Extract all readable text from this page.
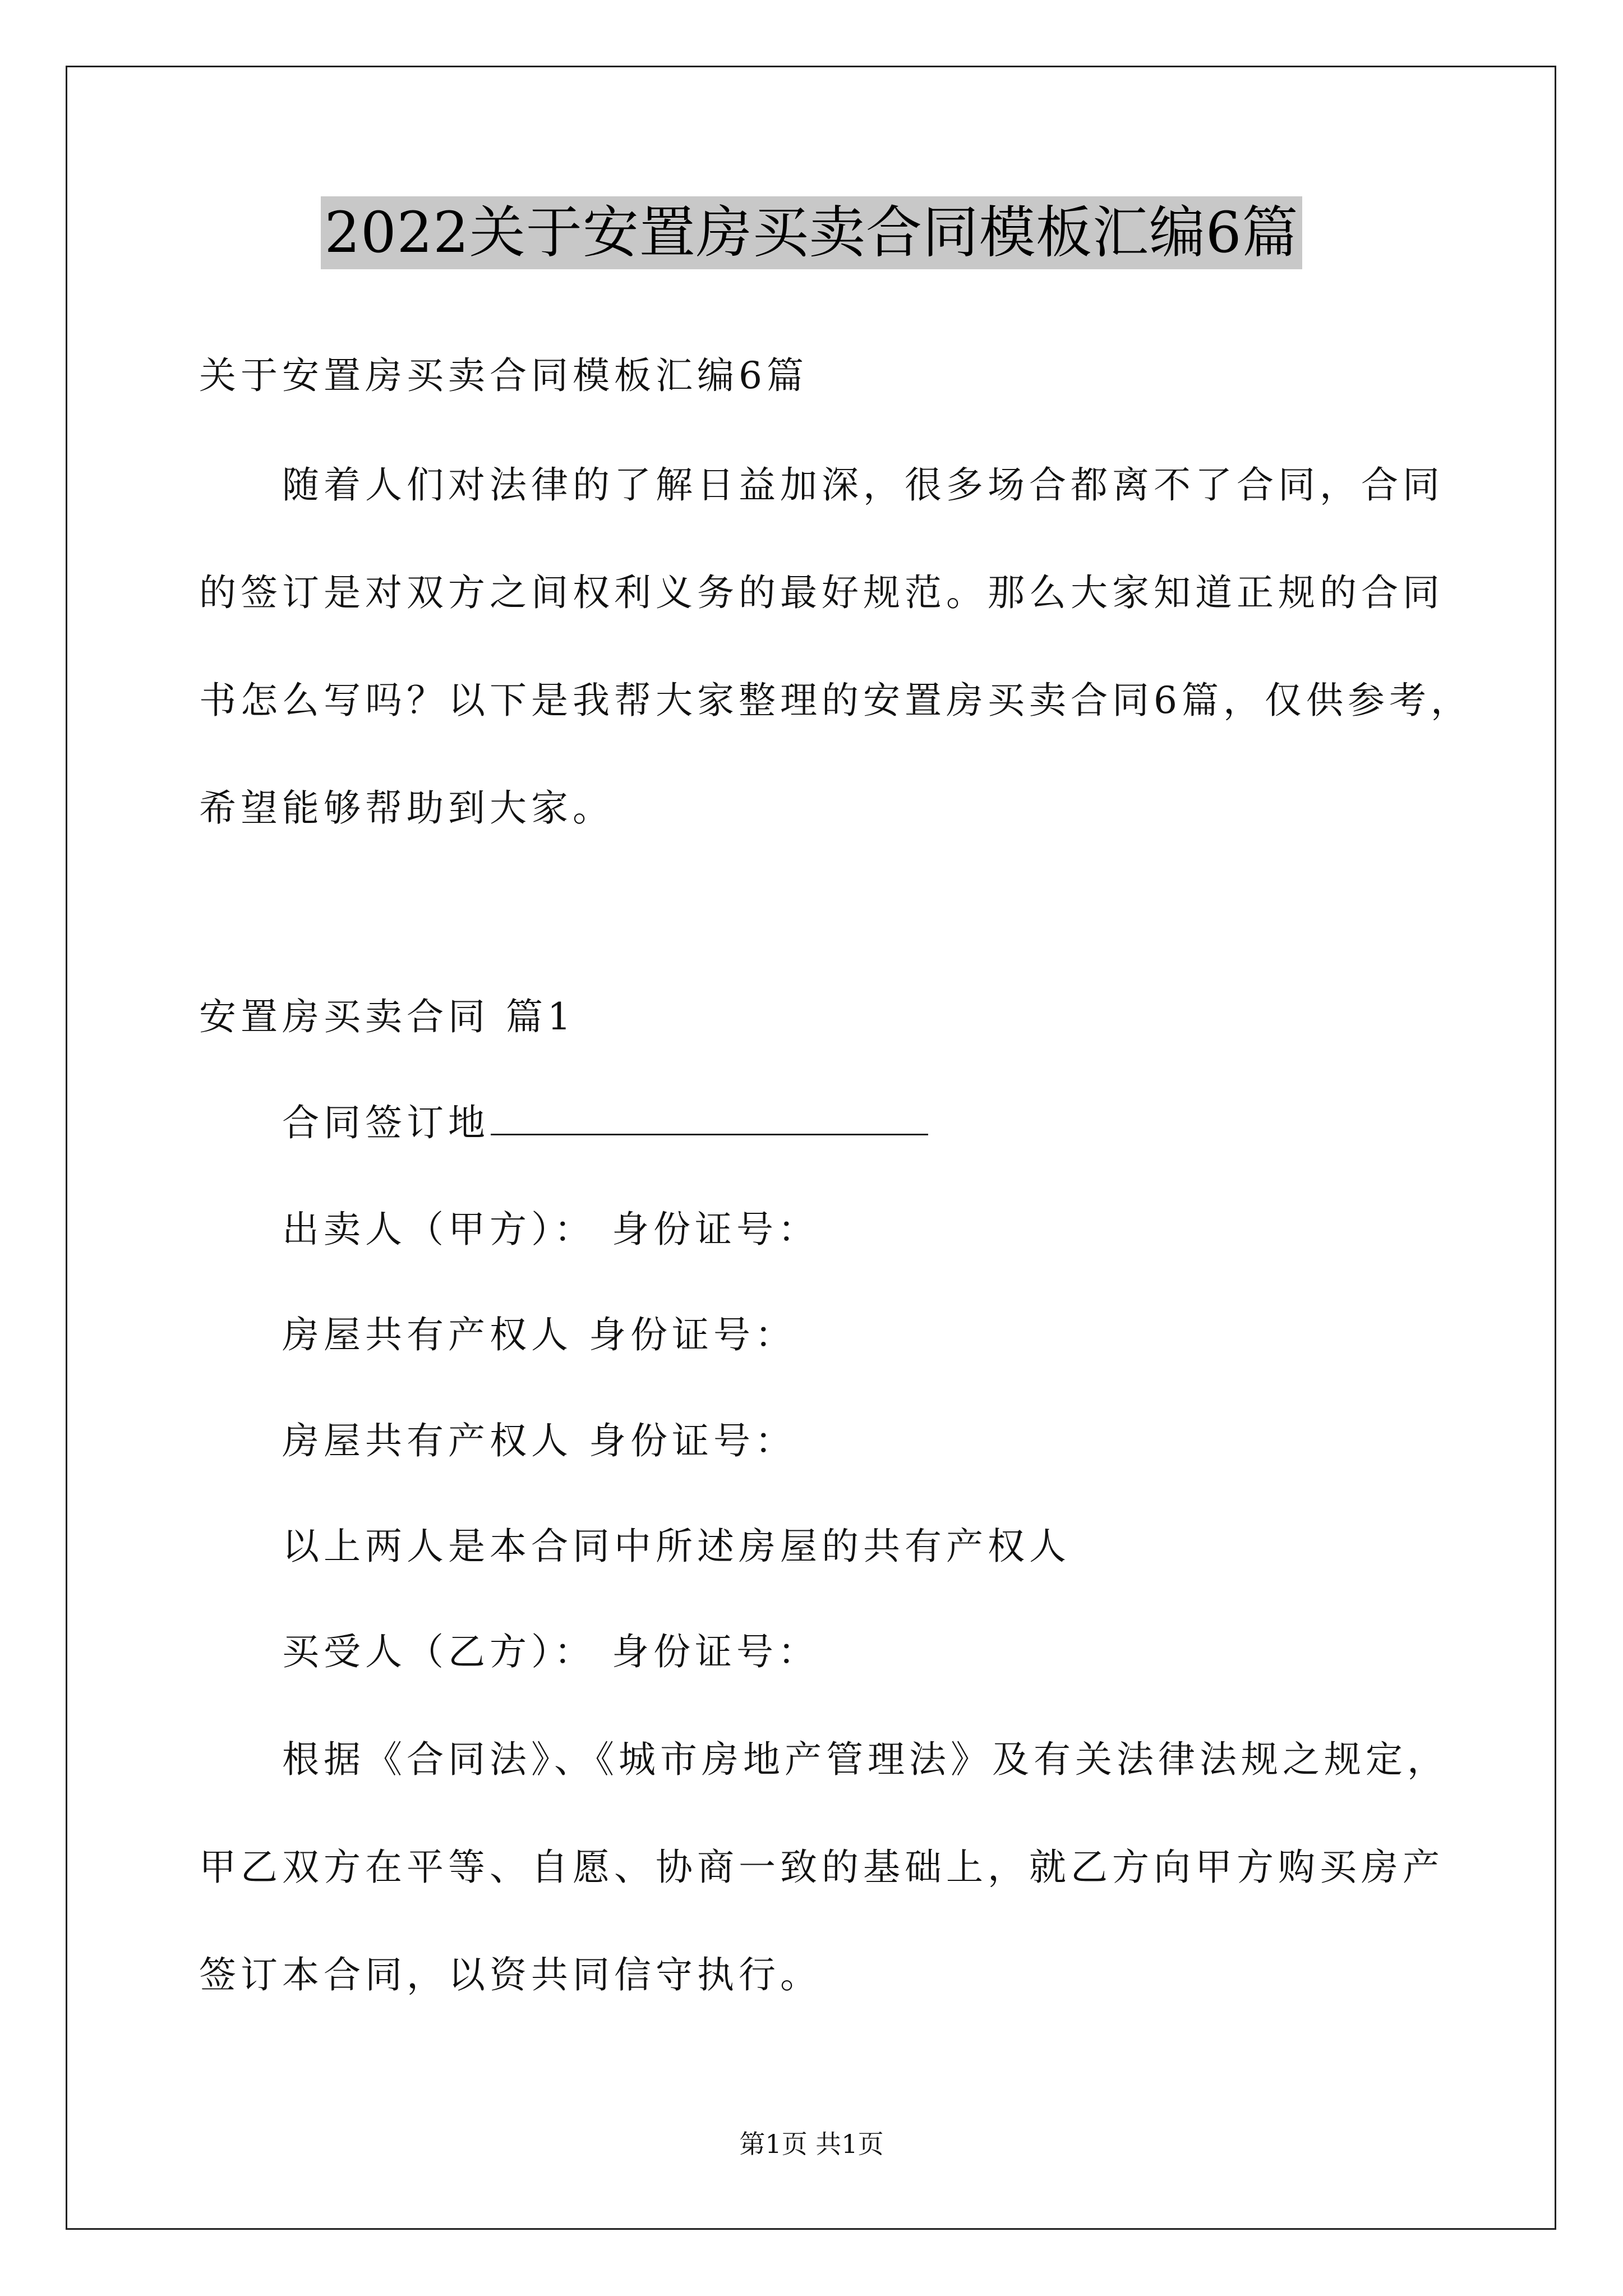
2022关于安置房买卖合同模板汇编6篇
关于安置房买卖合同模板汇编6篇
随着人们对法律的了解日益加深，很多场合都离不了合同，合同
的签订是对双方之间权利义务的最好规范。那么大家知道正规的合同
书怎么写吗？以下是我帮大家整理的安置房买卖合同6篇，仅供参考，
希望能够帮助到大家。
安置房买卖合同 篇1
合同签订地
出卖人（甲方）： 身份证号：
房屋共有产权人 身份证号：
房屋共有产权人 身份证号：
以上两人是本合同中所述房屋的共有产权人
买受人（乙方）： 身份证号：
根据《合同法》、《城市房地产管理法》及有关法律法规之规定，
甲乙双方在平等、自愿、协商一致的基础上，就乙方向甲方购买房产
签订本合同，以资共同信守执行。
第1页 共1页
